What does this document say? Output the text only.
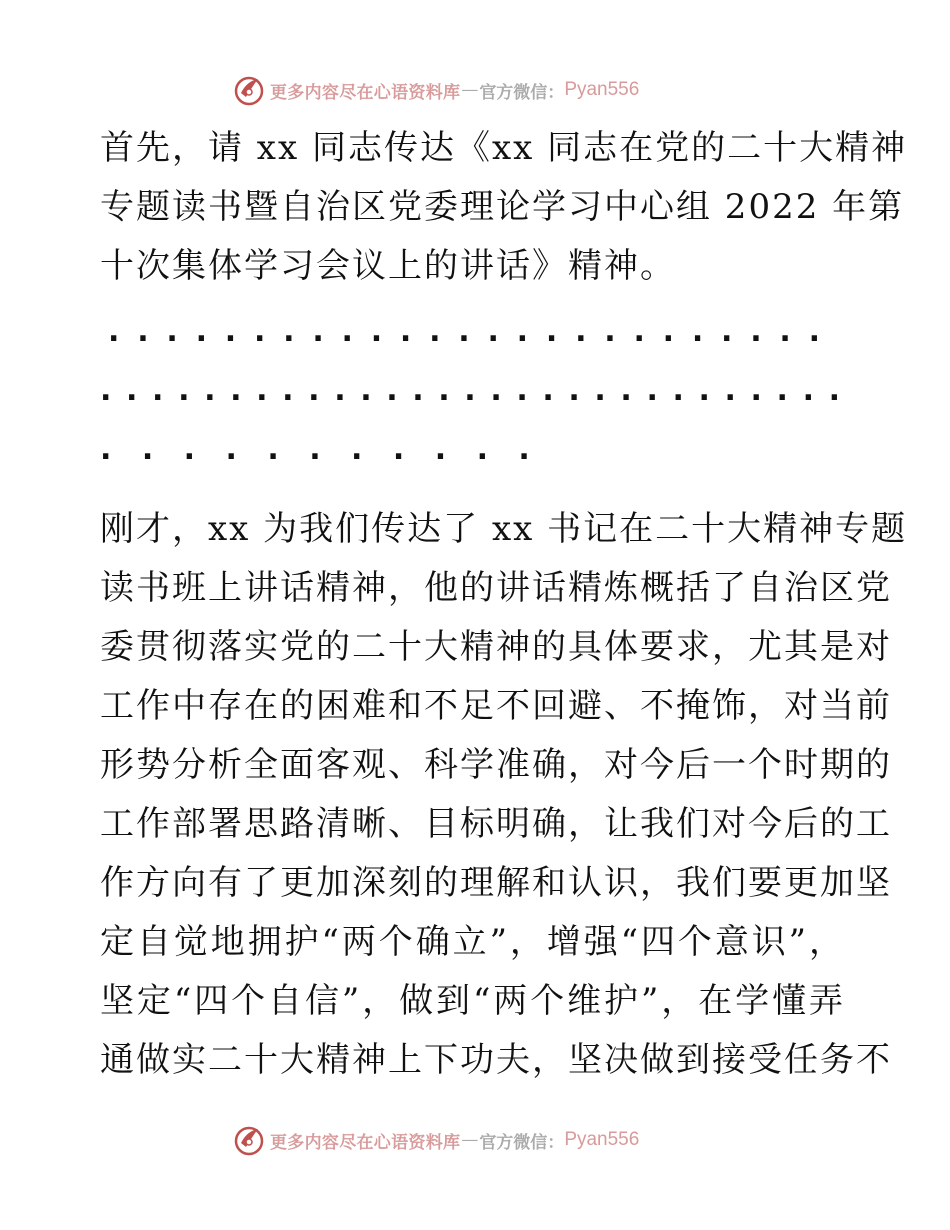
更多内容尽在心语资料库 — 官方微信： Pyan556
首先，请 xx 同志传达《xx 同志在党的二十大精神
专题读书暨自治区党委理论学习中心组 2022 年第
十次集体学习会议上的讲话》精神。
. . . . . . . . . . . . . . . . . . . . . . . . .
. . . . . . . . . . . . . . . . . . . . . . . . . . . . .
. . . . . . . . . . .
刚才，xx 为我们传达了 xx 书记在二十大精神专题
读书班上讲话精神，他的讲话精炼概括了自治区党
委贯彻落实党的二十大精神的具体要求，尤其是对
工作中存在的困难和不足不回避、不掩饰，对当前
形势分析全面客观、科学准确，对今后一个时期的
工作部署思路清晰、目标明确，让我们对今后的工
作方向有了更加深刻的理解和认识，我们要更加坚
定自觉地拥护“两个确立”，增强“四个意识”，
坚定“四个自信”，做到“两个维护”，在学懂弄
通做实二十大精神上下功夫，坚决做到接受任务不
更多内容尽在心语资料库 — 官方微信： Pyan556
